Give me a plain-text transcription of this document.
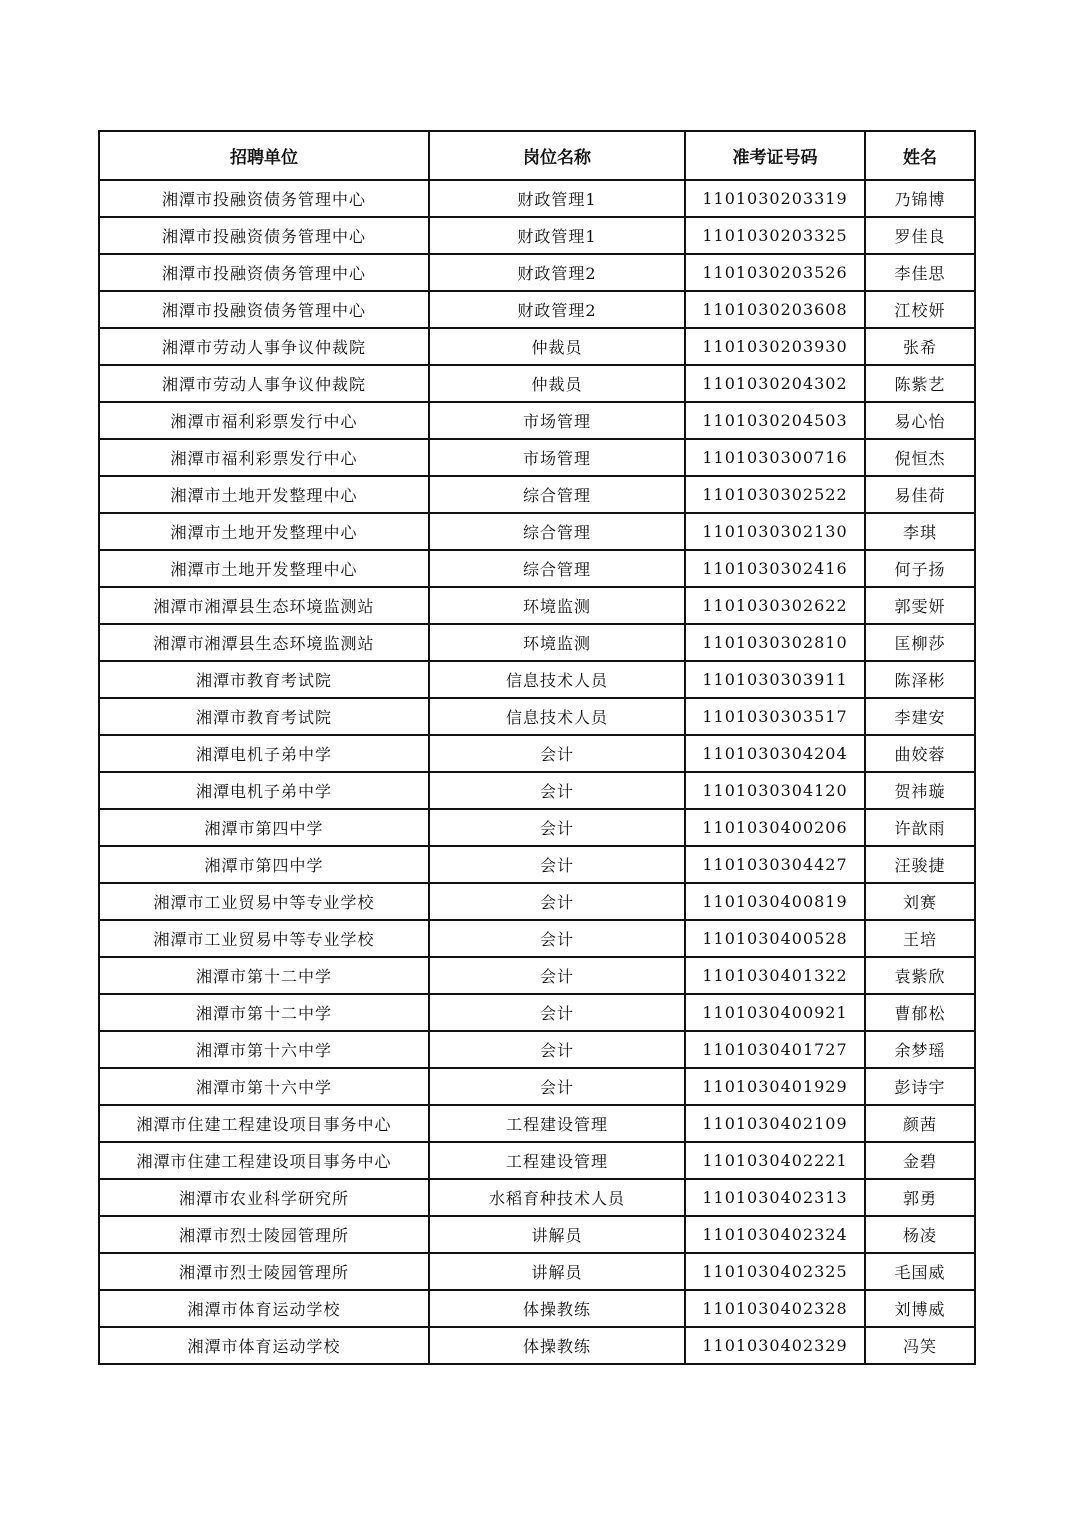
招聘单位	岗位名称	准考证号码	姓名
湘潭市投融资债务管理中心	财政管理1	1101030203319	乃锦博
湘潭市投融资债务管理中心	财政管理1	1101030203325	罗佳良
湘潭市投融资债务管理中心	财政管理2	1101030203526	李佳思
湘潭市投融资债务管理中心	财政管理2	1101030203608	江校妍
湘潭市劳动人事争议仲裁院	仲裁员	1101030203930	张希
湘潭市劳动人事争议仲裁院	仲裁员	1101030204302	陈紫艺
湘潭市福利彩票发行中心	市场管理	1101030204503	易心怡
湘潭市福利彩票发行中心	市场管理	1101030300716	倪恒杰
湘潭市土地开发整理中心	综合管理	1101030302522	易佳荷
湘潭市土地开发整理中心	综合管理	1101030302130	李琪
湘潭市土地开发整理中心	综合管理	1101030302416	何子扬
湘潭市湘潭县生态环境监测站	环境监测	1101030302622	郭雯妍
湘潭市湘潭县生态环境监测站	环境监测	1101030302810	匡柳莎
湘潭市教育考试院	信息技术人员	1101030303911	陈泽彬
湘潭市教育考试院	信息技术人员	1101030303517	李建安
湘潭电机子弟中学	会计	1101030304204	曲姣蓉
湘潭电机子弟中学	会计	1101030304120	贺祎璇
湘潭市第四中学	会计	1101030400206	许歆雨
湘潭市第四中学	会计	1101030304427	汪骏捷
湘潭市工业贸易中等专业学校	会计	1101030400819	刘赛
湘潭市工业贸易中等专业学校	会计	1101030400528	王培
湘潭市第十二中学	会计	1101030401322	袁紫欣
湘潭市第十二中学	会计	1101030400921	曹郁松
湘潭市第十六中学	会计	1101030401727	余梦瑶
湘潭市第十六中学	会计	1101030401929	彭诗宇
湘潭市住建工程建设项目事务中心	工程建设管理	1101030402109	颜茜
湘潭市住建工程建设项目事务中心	工程建设管理	1101030402221	金碧
湘潭市农业科学研究所	水稻育种技术人员	1101030402313	郭勇
湘潭市烈士陵园管理所	讲解员	1101030402324	杨凌
湘潭市烈士陵园管理所	讲解员	1101030402325	毛国威
湘潭市体育运动学校	体操教练	1101030402328	刘博威
湘潭市体育运动学校	体操教练	1101030402329	冯笑
